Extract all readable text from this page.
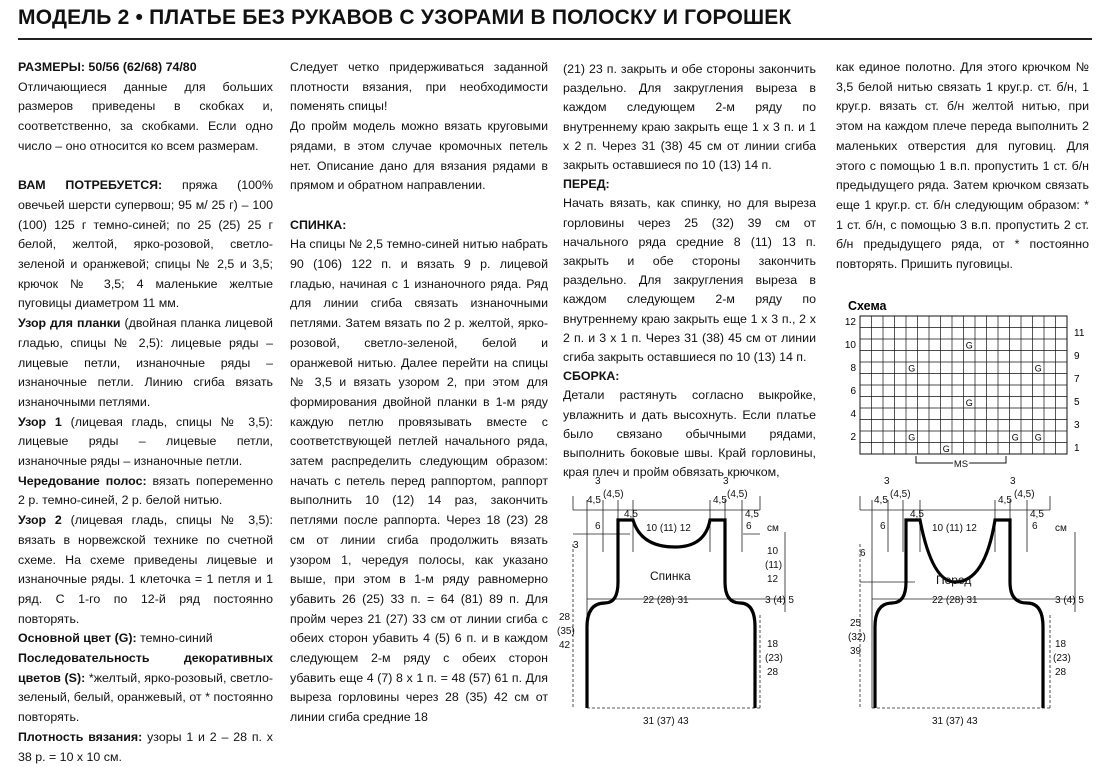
МОДЕЛЬ 2 • ПЛАТЬЕ БЕЗ РУКАВОВ С УЗОРАМИ В ПОЛОСКУ И ГОРОШЕК

РАЗМЕРЫ: 50/56 (62/68) 74/80

Отличающиеся данные для больших размеров приведены в скобках и, соответственно, за скобками. Если одно число – оно относится ко всем размерам.

ВАМ ПОТРЕБУЕТСЯ: пряжа (100% овечьей шерсти супервош; 95 м/ 25 г) – 100 (100) 125 г темно-синей; по 25 (25) 25 г белой, желтой, ярко-розовой, светло-зеленой и оранжевой; спицы № 2,5 и 3,5; крючок № 3,5; 4 маленькие желтые пуговицы диаметром 11 мм.

Узор для планки (двойная планка лицевой гладью, спицы № 2,5): лицевые ряды – лицевые петли, изнаночные ряды – изнаночные петли. Линию сгиба вязать изнаночными петлями.

Узор 1 (лицевая гладь, спицы № 3,5): лицевые ряды – лицевые петли, изнаночные ряды – изнаночные петли.

Чередование полос: вязать попеременно 2 р. темно-синей, 2 р. белой нитью.

Узор 2 (лицевая гладь, спицы № 3,5): вязать в норвежской технике по счетной схеме. На схеме приведены лицевые и изнаночные ряды. 1 клеточка = 1 петля и 1 ряд. С 1-го по 12-й ряд постоянно повторять.

Основной цвет (G): темно-синий

Последовательность декоративных цветов (S): *желтый, ярко-розовый, светло-зеленый, белый, оранжевый, от * постоянно повторять.

Плотность вязания: узоры 1 и 2 – 28 п. х 38 р. = 10 х 10 см.

Следует четко придерживаться заданной плотности вязания, при необходимости поменять спицы!

До пройм модель можно вязать круговыми рядами, в этом случае кромочных петель нет. Описание дано для вязания рядами в прямом и обратном направлении.

СПИНКА:

На спицы № 2,5 темно-синей нитью набрать 90 (106) 122 п. и вязать 9 р. лицевой гладью, начиная с 1 изнаночного ряда. Ряд для линии сгиба связать изнаночными петлями. Затем вязать по 2 р. желтой, ярко-розовой, светло-зеленой, белой и оранжевой нитью. Далее перейти на спицы № 3,5 и вязать узором 2, при этом для формирования двойной планки в 1-м ряду каждую петлю провязывать вместе с соответствующей петлей начального ряда, затем распределить следующим образом: начать с петель перед раппортом, раппорт выполнить 10 (12) 14 раз, закончить петлями после раппорта. Через 18 (23) 28 см от линии сгиба продолжить вязать узором 1, чередуя полосы, как указано выше, при этом в 1-м ряду равномерно убавить 26 (25) 33 п. = 64 (81) 89 п. Для пройм через 21 (27) 33 см от линии сгиба с обеих сторон убавить 4 (5) 6 п. и в каждом следующем 2-м ряду с обеих сторон убавить еще 4 (7) 8 х 1 п. = 48 (57) 61 п. Для выреза горловины через 28 (35) 42 см от линии сгиба средние 18

(21) 23 п. закрыть и обе стороны закончить раздельно. Для закругления выреза в каждом следующем 2-м ряду по внутреннему краю закрыть еще 1 х 3 п. и 1 х 2 п. Через 31 (38) 45 см от линии сгиба закрыть оставшиеся по 10 (13) 14 п.

ПЕРЕД:

Начать вязать, как спинку, но для выреза горловины через 25 (32) 39 см от начального ряда средние 8 (11) 13 п. закрыть и обе стороны закончить раздельно. Для закругления выреза в каждом следующем 2-м ряду по внутреннему краю закрыть еще 1 х 3 п., 2 х 2 п. и 3 х 1 п. Через 31 (38) 45 см от линии сгиба закрыть оставшиеся по 10 (13) 14 п.

СБОРКА:

Детали растянуть согласно выкройке, увлажнить и дать высохнуть. Если платье было связано обычными рядами, выполнить боковые швы. Край горловины, края плеч и пройм обвязать крючком,

как единое полотно. Для этого крючком № 3,5 белой нитью связать 1 круг.р. ст. б/н, 1 круг.р. вязать ст. б/н желтой нитью, при этом на каждом плече переда выполнить 2 маленьких отверстия для пуговиц. Для этого с помощью 1 в.п. пропустить 1 ст. б/н предыдущего ряда. Затем крючком связать еще 1 круг.р. ст. б/н следующим образом: * 1 ст. б/н, с помощью 3 в.п. пропустить 2 ст. б/н предыдущего ряда, от * постоянно повторять. Пришить пуговицы.

Схема
G
G	G
G
G	G
G
G
12
10
8
6
4
2
11
9
7
5
3
1
MS
3
3
4,5
(4,5)
4,5
6
4,5
(4,5)
4,5
6
10 (11) 12	см
3
10
(11)
12
Спинка
22 (28) 31	3 (4) 5
28
(35)
42	18
(23)
28
31 (37) 43
3	3
4,5
(4,5)
4,5
6
4,5
(4,5)
4,5
6
10 (11) 12	см
6
Перед
22 (28) 31	3 (4) 5
25
(32)
39
18
(23)
28
31 (37) 43
